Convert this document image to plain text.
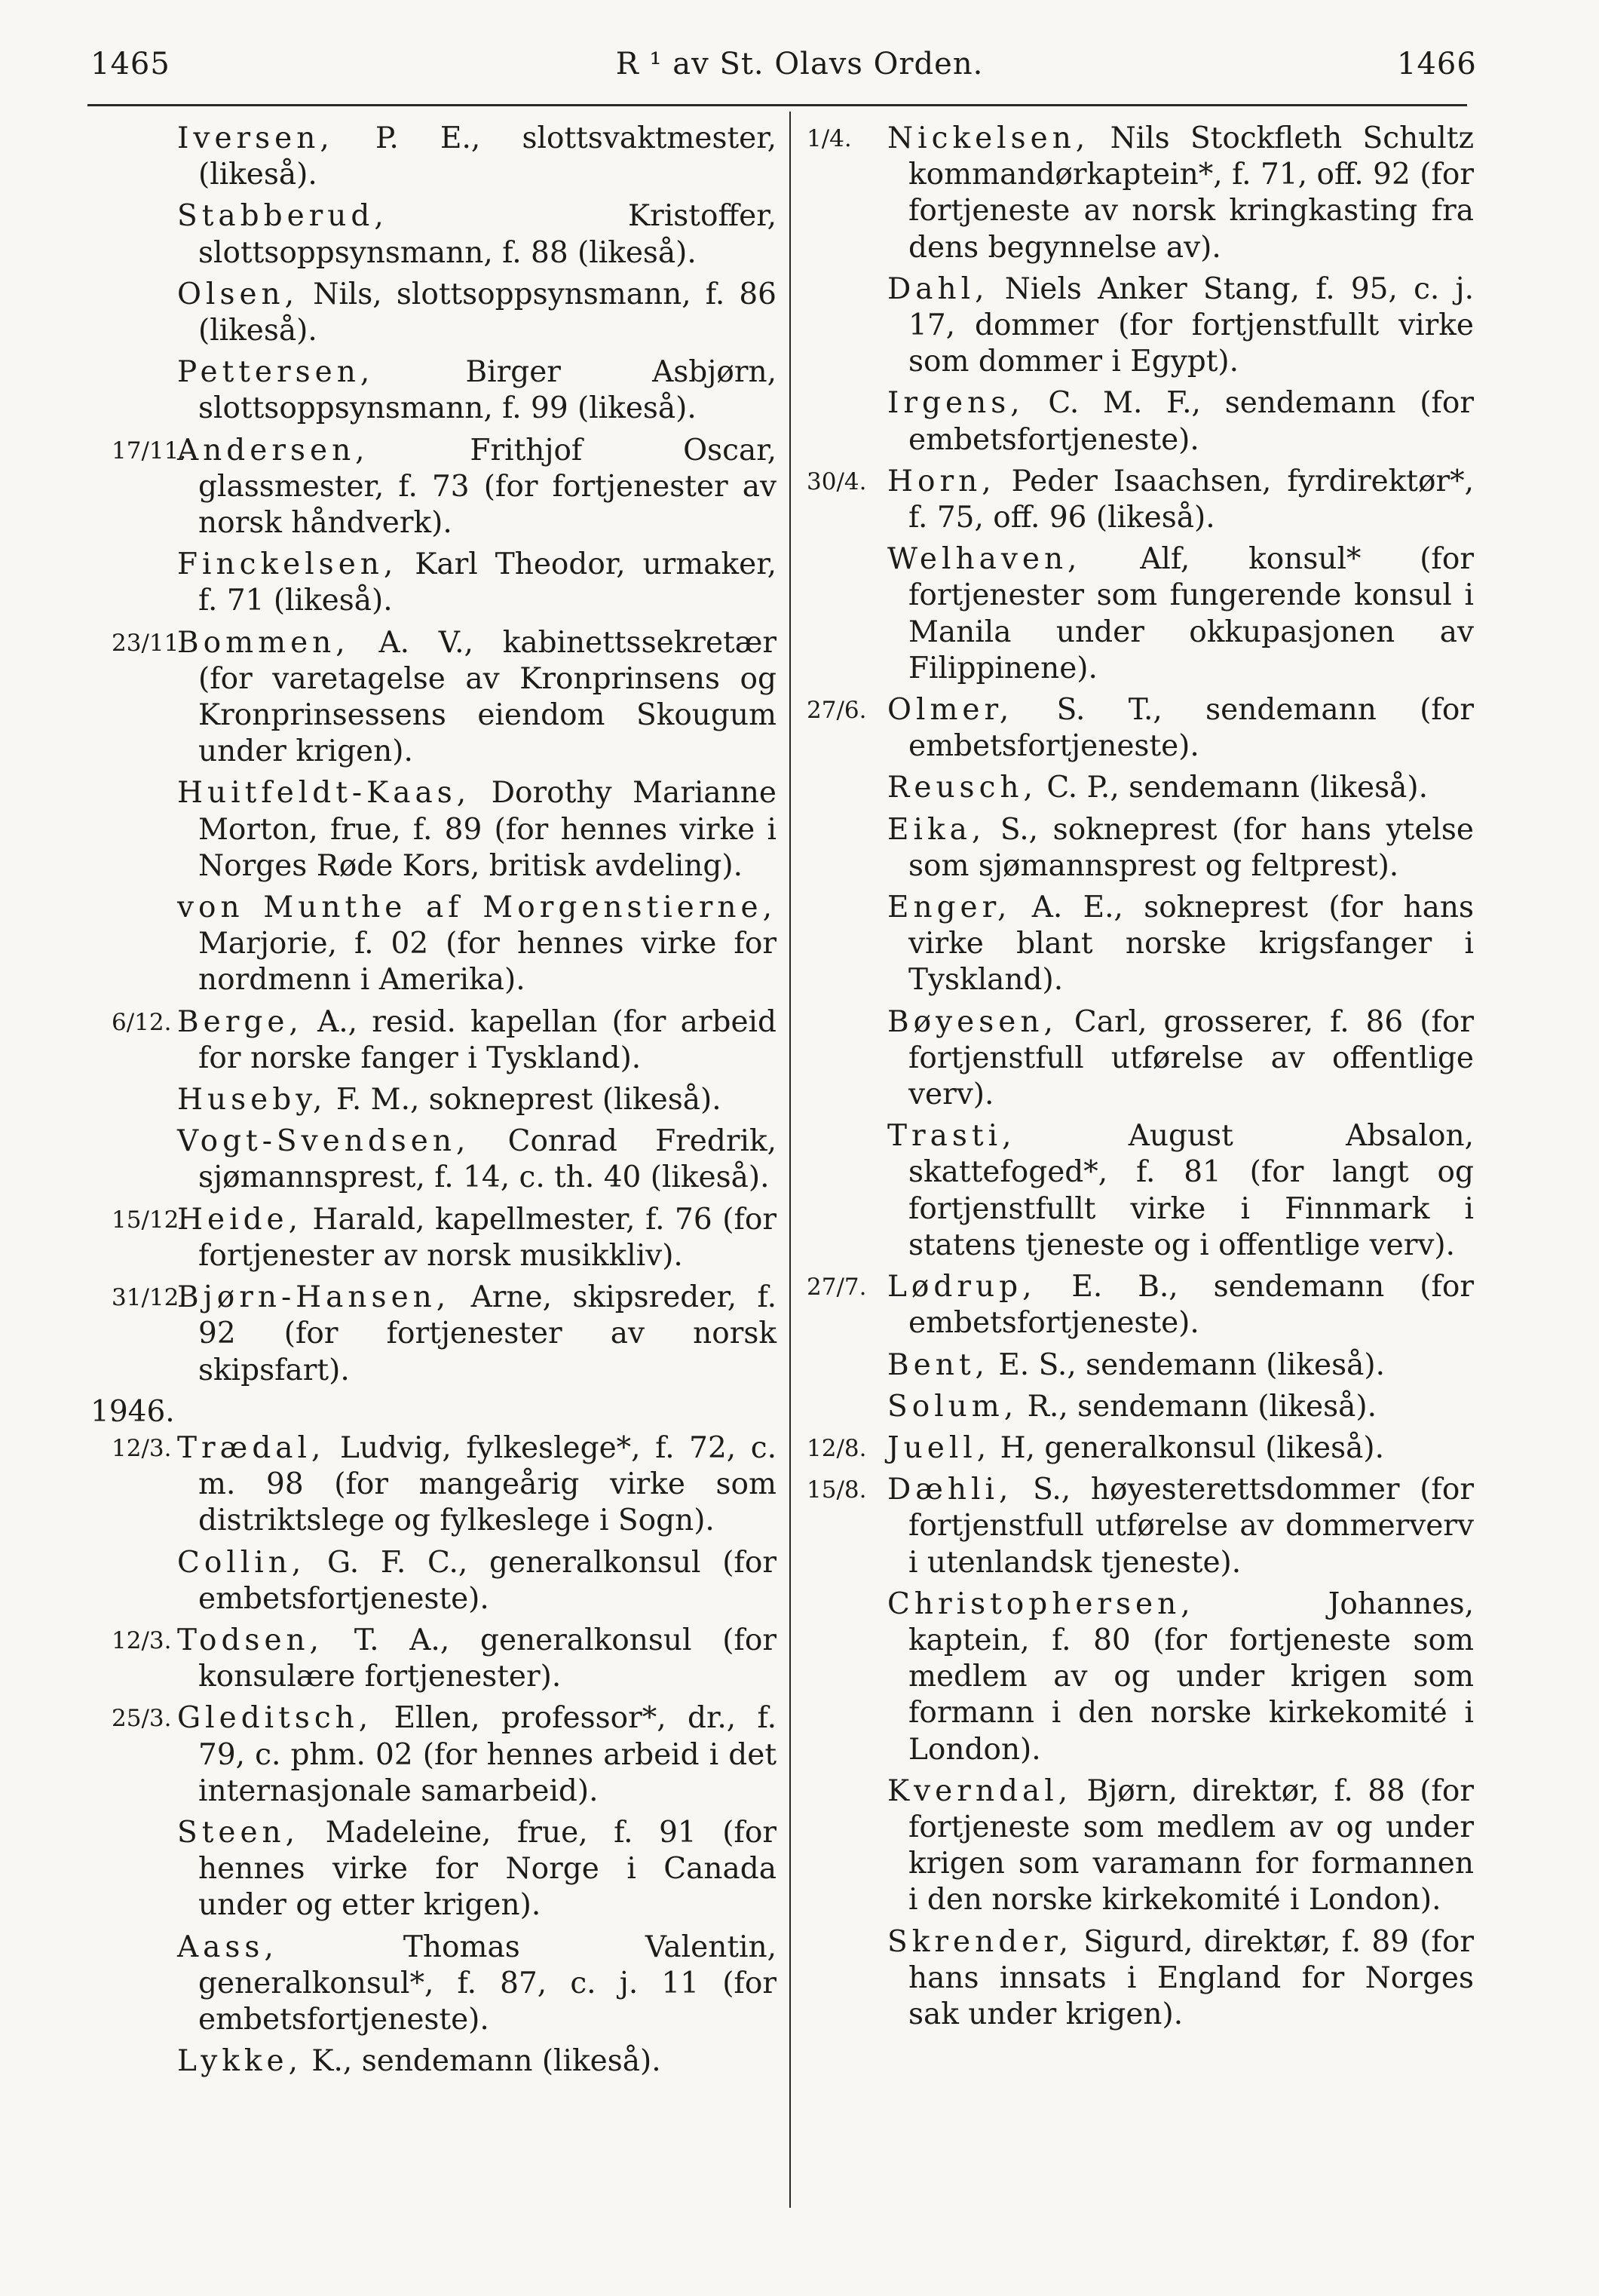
1465	R ¹ av St. Olavs Orden.	1466

Iversen, P. E., slottsvaktmester, (likeså).

Stabberud, Kristoffer, slottsoppsynsmann, f. 88 (likeså).

Olsen, Nils, slottsoppsynsmann, f. 86 (likeså).

Pettersen, Birger Asbjørn, slottsoppsynsmann, f. 99 (likeså).

17/11.
Andersen, Frithjof Oscar, glassmester, f. 73 (for fortjenester av norsk håndverk).

Finckelsen, Karl Theodor, urmaker, f. 71 (likeså).

23/11.
Bommen, A. V., kabinettssekretær (for varetagelse av Kronprinsens og Kronprinsessens eiendom Skougum under krigen).

Huitfeldt-Kaas, Dorothy Marianne Morton, frue, f. 89 (for hennes virke i Norges Røde Kors, britisk avdeling).

von Munthe af Morgenstierne, Marjorie, f. 02 (for hennes virke for nordmenn i Amerika).

6/12. Berge, A., resid. kapellan (for arbeid for norske fanger i Tyskland).

Huseby, F. M., sokneprest (likeså).

Vogt-Svendsen, Conrad Fredrik, sjømannsprest, f. 14, c. th. 40 (likeså).

15/12.
Heide, Harald, kapellmester, f. 76 (for fortjenester av norsk musikkliv).

31/12.
Bjørn-Hansen, Arne, skipsreder, f. 92 (for fortjenester av norsk skipsfart).

1946.

12/3. Trædal, Ludvig, fylkeslege*, f. 72, c. m. 98 (for mangeårig virke som distriktslege og fylkeslege i Sogn).

Collin, G. F. C., generalkonsul (for embetsfortjeneste).

12/3. Todsen, T. A., generalkonsul (for konsulære fortjenester).

25/3. Gleditsch, Ellen, professor*, dr., f. 79, c. phm. 02 (for hennes arbeid i det internasjonale samarbeid).

Steen, Madeleine, frue, f. 91 (for hennes virke for Norge i Canada under og etter krigen).

Aass, Thomas Valentin, generalkonsul*, f. 87, c. j. 11 (for embetsfortjeneste).

Lykke, K., sendemann (likeså).

1/4. Nickelsen, Nils Stockfleth Schultz kommandørkaptein*, f. 71, off. 92 (for fortjeneste av norsk kringkasting fra dens begynnelse av).

Dahl, Niels Anker Stang, f. 95, c. j. 17, dommer (for fortjenstfullt virke som dommer i Egypt).

Irgens, C. M. F., sendemann (for embetsfortjeneste).

30/4. Horn, Peder Isaachsen, fyrdirektør*, f. 75, off. 96 (likeså).

Welhaven, Alf, konsul* (for fortjenester som fungerende konsul i Manila under okkupasjonen av Filippinene).

27/6. Olmer, S. T., sendemann (for embetsfortjeneste).

Reusch, C. P., sendemann (likeså).

Eika, S., sokneprest (for hans ytelse som sjømannsprest og feltprest).

Enger, A. E., sokneprest (for hans virke blant norske krigsfanger i Tyskland).

Bøyesen, Carl, grosserer, f. 86 (for fortjenstfull utførelse av offentlige verv).

Trasti, August Absalon, skattefoged*, f. 81 (for langt og fortjenstfullt virke i Finnmark i statens tjeneste og i offentlige verv).

27/7. Lødrup, E. B., sendemann (for embetsfortjeneste).

Bent, E. S., sendemann (likeså).

Solum, R., sendemann (likeså).

12/8. Juell, H, generalkonsul (likeså).

15/8. Dæhli, S., høyesterettsdommer (for fortjenstfull utførelse av dommerverv i utenlandsk tjeneste).

Christophersen, Johannes, kaptein, f. 80 (for fortjeneste som medlem av og under krigen som formann i den norske kirkekomité i London).

Kverndal, Bjørn, direktør, f. 88 (for fortjeneste som medlem av og under krigen som varamann for formannen i den norske kirkekomité i London).

Skrender, Sigurd, direktør, f. 89 (for hans innsats i England for Norges sak under krigen).
